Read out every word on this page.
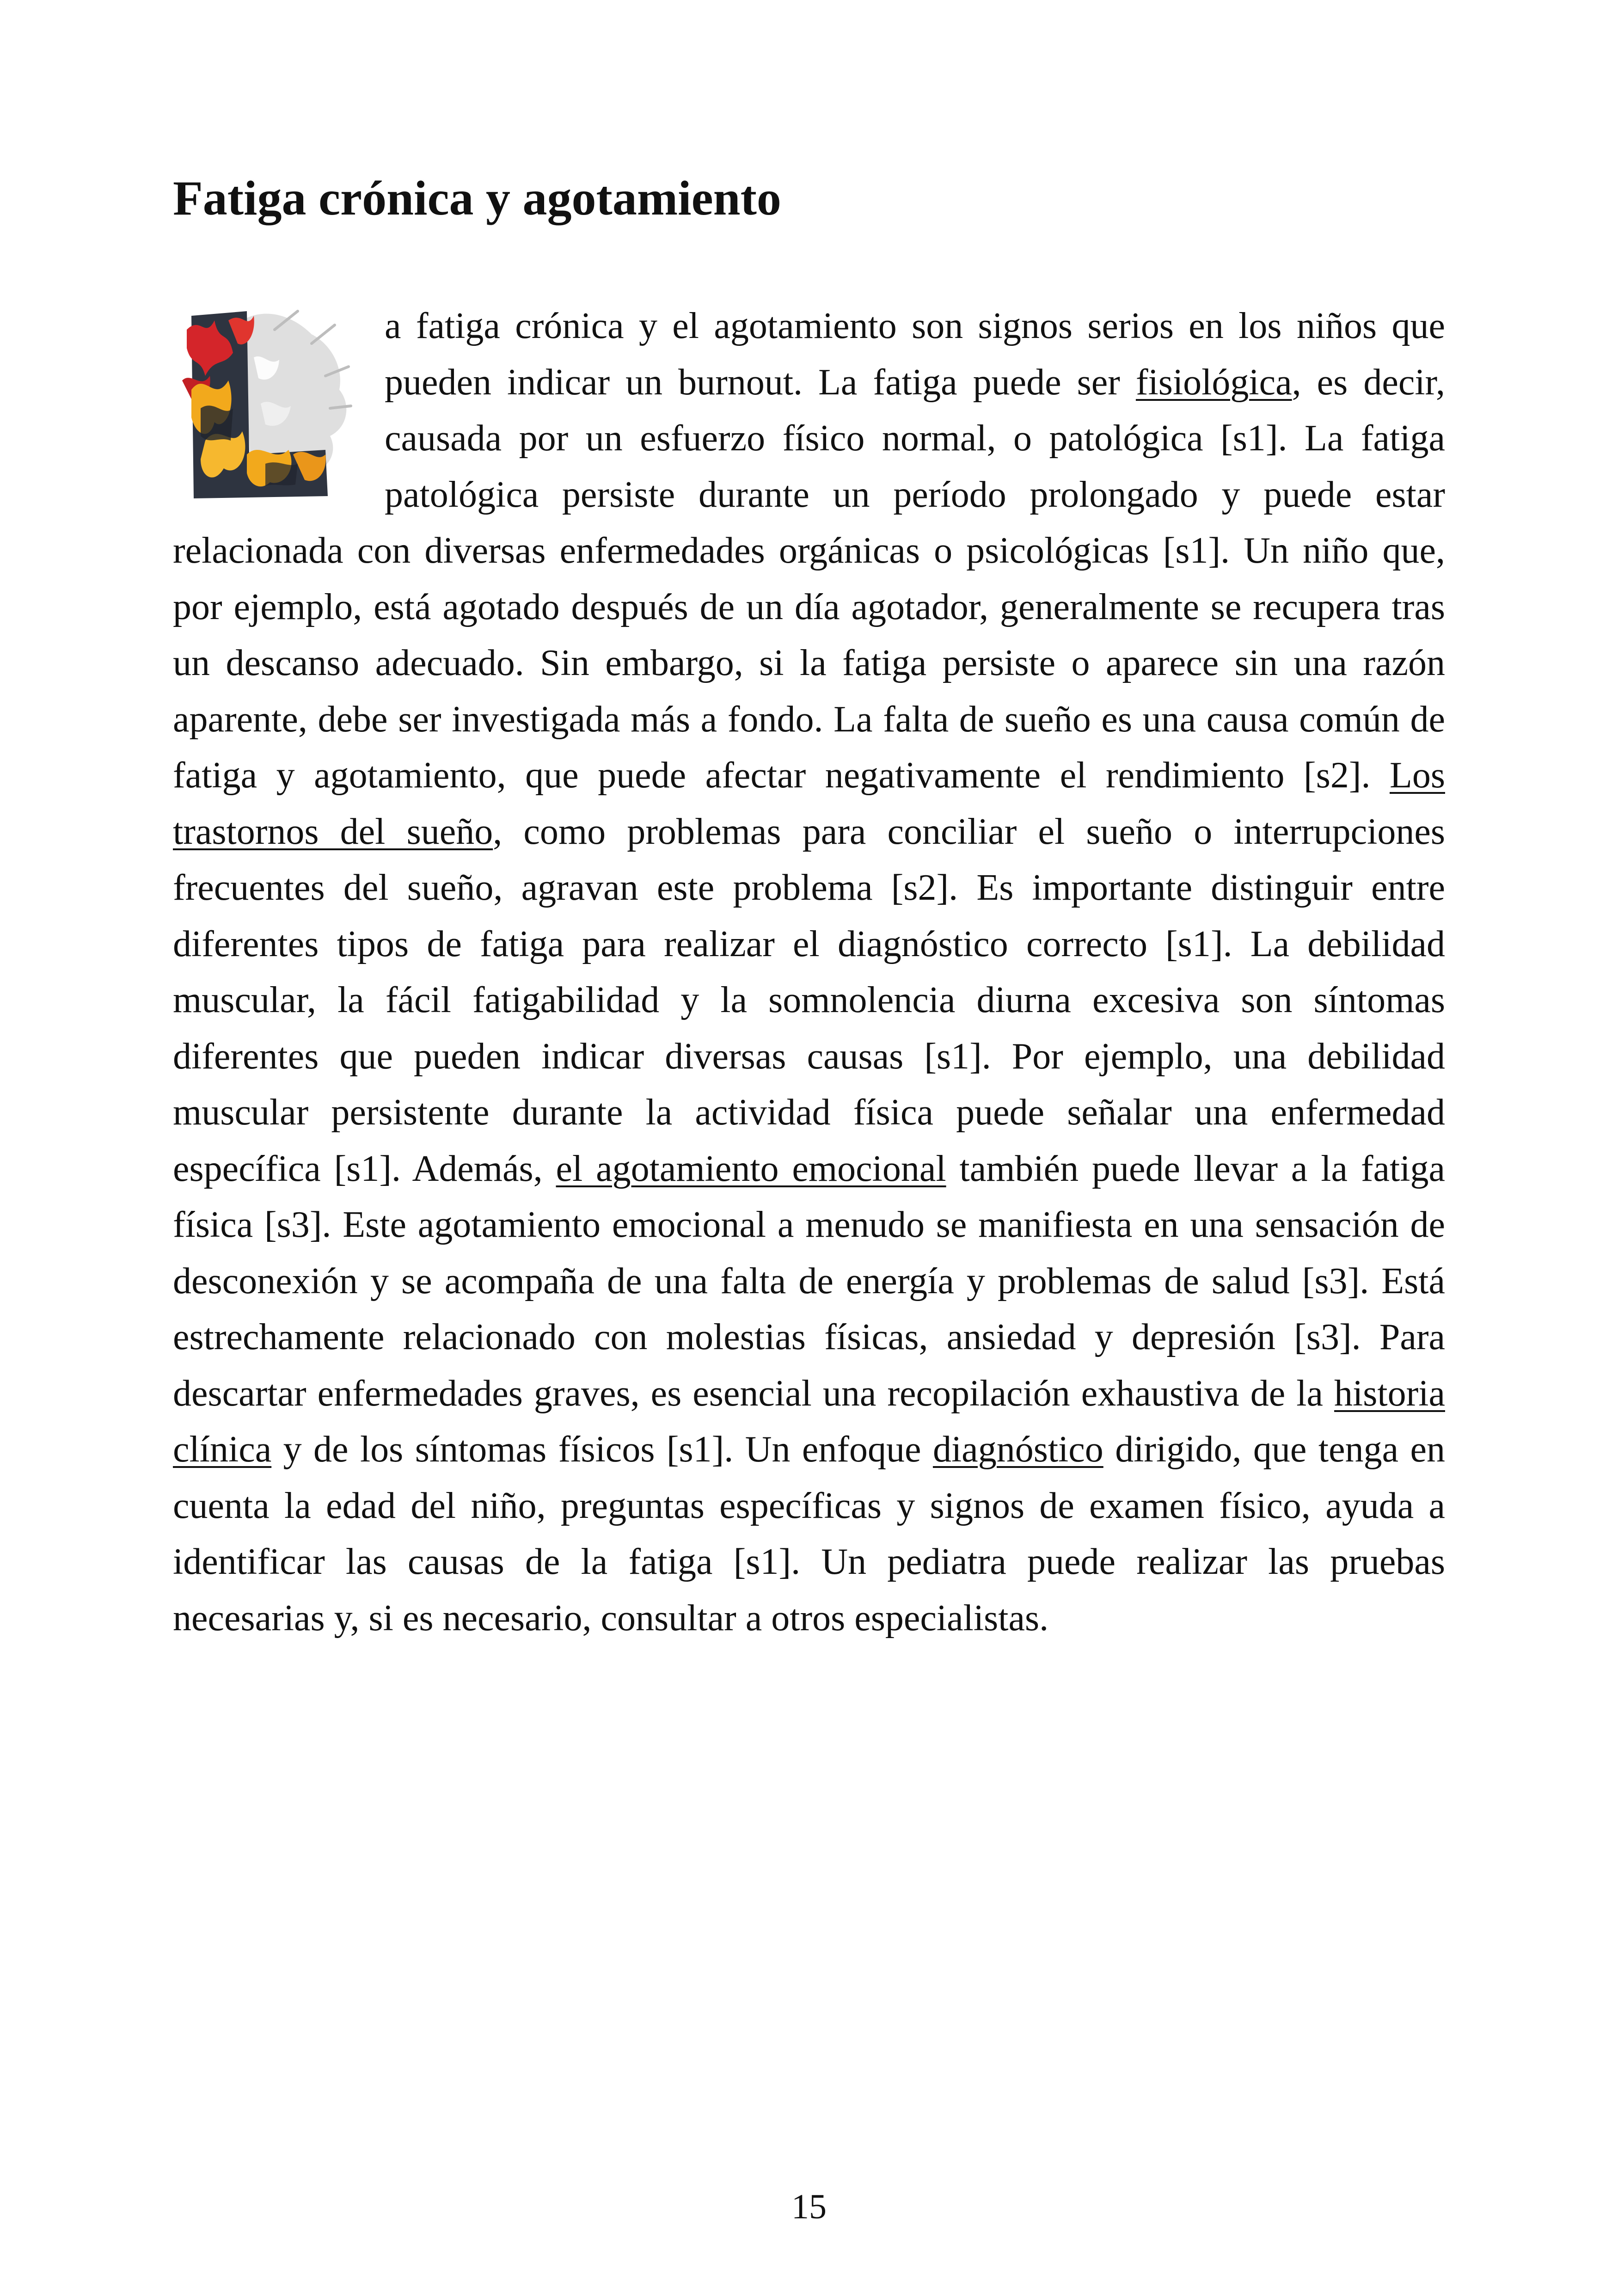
Fatiga crónica y agotamiento

a fatiga crónica y el agotamiento son signos serios en los niños que pueden indicar un burnout. La fatiga puede ser fisiológica, es decir, causada por un esfuerzo físico normal, o patológica [s1]. La fatiga patológica persiste durante un período prolongado y puede estar relacionada con diversas enfermedades orgánicas o psicológicas [s1]. Un niño que, por ejemplo, está agotado después de un día agotador, generalmente se recupera tras un descanso adecuado. Sin embargo, si la fatiga persiste o aparece sin una razón aparente, debe ser investigada más a fondo. La falta de sueño es una causa común de fatiga y agotamiento, que puede afectar negativamente el rendimiento [s2]. Los trastornos del sueño, como problemas para conciliar el sueño o interrupciones frecuentes del sueño, agravan este problema [s2]. Es importante distinguir entre diferentes tipos de fatiga para realizar el diagnóstico correcto [s1]. La debilidad muscular, la fácil fatigabilidad y la somnolencia diurna excesiva son síntomas diferentes que pueden indicar diversas causas [s1]. Por ejemplo, una debilidad muscular persistente durante la actividad física puede señalar una enfermedad específica [s1]. Además, el agotamiento emocional también puede llevar a la fatiga física [s3]. Este agotamiento emocional a menudo se manifiesta en una sensación de desconexión y se acompaña de una falta de energía y problemas de salud [s3]. Está estrechamente relacionado con molestias físicas, ansiedad y depresión [s3]. Para descartar enfermedades graves, es esencial una recopilación exhaustiva de la historia clínica y de los síntomas físicos [s1]. Un enfoque diagnóstico dirigido, que tenga en cuenta la edad del niño, preguntas específicas y signos de examen físico, ayuda a identificar las causas de la fatiga [s1]. Un pediatra puede realizar las pruebas necesarias y, si es necesario, consultar a otros especialistas.

15
